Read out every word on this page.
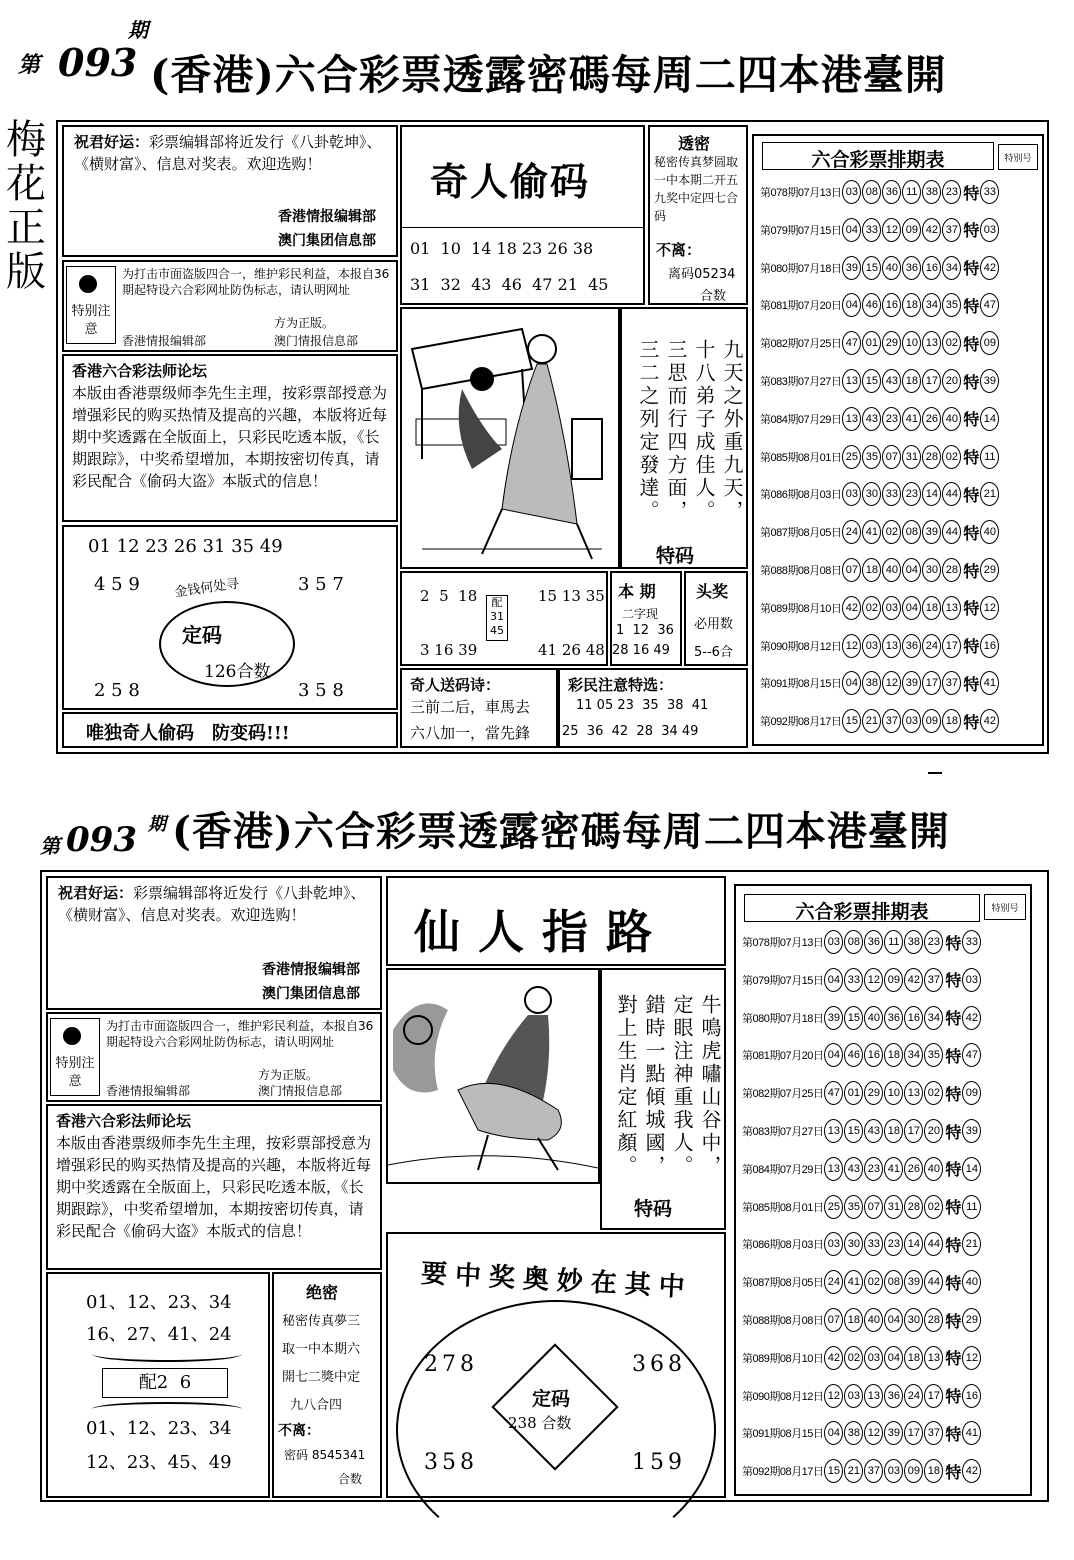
第 093
期
(香港)六合彩票透露密碼每周二四本港臺開
梅花正版
祝君好运：彩票编辑部将近发行《八卦乾坤》、《横财富》、信息对奖表。欢迎选购！
香港情报编辑部
澳门集团信息部
特别注意
为打击市面盗版四合一，维护彩民利益，本报自36期起特设六合彩网址防伪标志，请认明网址
方为正版。
香港情报编辑部	澳门情报信息部
香港六合彩法师论坛
本版由香港票级师李先生主理，按彩票部授意为增强彩民的购买热情及提高的兴趣，本版将近每期中奖透露在全版面上，只彩民吃透本版，《长期跟踪》，中奖希望增加，本期按密切传真，请彩民配合《偷码大盗》本版式的信息！
01 12 23 26 31 35 49
4 5 9	3 5 7
金钱何处寻
定码
126合数
2 5 8	3 5 8
唯独奇人偷码　防变码!!!
奇人偷码
01  10  14 18 23 26 38
31  32  43  46  47 21  45
透密
秘密传真梦圆取一中本期二开五九奖中定四七合码
不离：
离码05234
合数
九天之外重九天，
十八弟子成佳人。
三思而行四方面，
三二之列定發達。
特码
2  5  18
3 16 39
配31 45
15 13 35
41 26 48
本 期
二字现
1  12  36
28 16 49
头奖
必用数
5--6合
奇人送码诗：
三前二后，車馬去
六八加一，當先鋒
彩民注意特选：
11 05 23  35  38  41
25  36  42  28  34 49
六合彩票排期表	特别号
第078期07月13日 03 08 36 11 38 23 特 33
第079期07月15日 04 33 12 09 42 37 特 03
第080期07月18日 39 15 40 36 16 34 特 42
第081期07月20日 04 46 16 18 34 35 特 47
第082期07月25日 47 01 29 10 13 02 特 09
第083期07月27日 13 15 43 18 17 20 特 39
第084期07月29日 13 43 23 41 26 40 特 14
第085期08月01日 25 35 07 31 28 02 特 11
第086期08月03日 03 30 33 23 14 44 特 21
第087期08月05日 24 41 02 08 39 44 特 40
第088期08月08日 07 18 40 04 30 28 特 29
第089期08月10日 42 02 03 04 18 13 特 12
第090期08月12日 12 03 13 36 24 17 特 16
第091期08月15日 04 38 12 39 17 37 特 41
第092期08月17日 15 21 37 03 09 18 特 42
第 093 期 (香港)六合彩票透露密碼每周二四本港臺開
祝君好运：彩票编辑部将近发行《八卦乾坤》、《横财富》、信息对奖表。欢迎选购！
香港情报编辑部
澳门集团信息部
特别注意
为打击市面盗版四合一，维护彩民利益，本报自36期起特设六合彩网址防伪标志，请认明网址
方为正版。
香港情报编辑部	澳门情报信息部
香港六合彩法师论坛
本版由香港票级师李先生主理，按彩票部授意为增强彩民的购买热情及提高的兴趣，本版将近每期中奖透露在全版面上，只彩民吃透本版，《长期跟踪》，中奖希望增加，本期按密切传真，请彩民配合《偷码大盗》本版式的信息！
01、12、23、34
16、27、41、24
配2  6
01、12、23、34
12、23、45、49
绝密
秘密传真夢三
取一中本期六
開七二獎中定
九八合四
不离：
密码 8545341
合数
仙人指路
牛鳴虎嘯山谷中，
定眼注神重我人。
錯時一點傾城國，
對上生肖定紅顏。
特码
要中奖奥妙在其中
278	368
定码
238 合数
358	159
六合彩票排期表	特别号
第078期07月13日 03 08 36 11 38 23 特 33
第079期07月15日 04 33 12 09 42 37 特 03
第080期07月18日 39 15 40 36 16 34 特 42
第081期07月20日 04 46 16 18 34 35 特 47
第082期07月25日 47 01 29 10 13 02 特 09
第083期07月27日 13 15 43 18 17 20 特 39
第084期07月29日 13 43 23 41 26 40 特 14
第085期08月01日 25 35 07 31 28 02 特 11
第086期08月03日 03 30 33 23 14 44 特 21
第087期08月05日 24 41 02 08 39 44 特 40
第088期08月08日 07 18 40 04 30 28 特 29
第089期08月10日 42 02 03 04 18 13 特 12
第090期08月12日 12 03 13 36 24 17 特 16
第091期08月15日 04 38 12 39 17 37 特 41
第092期08月17日 15 21 37 03 09 18 特 42
